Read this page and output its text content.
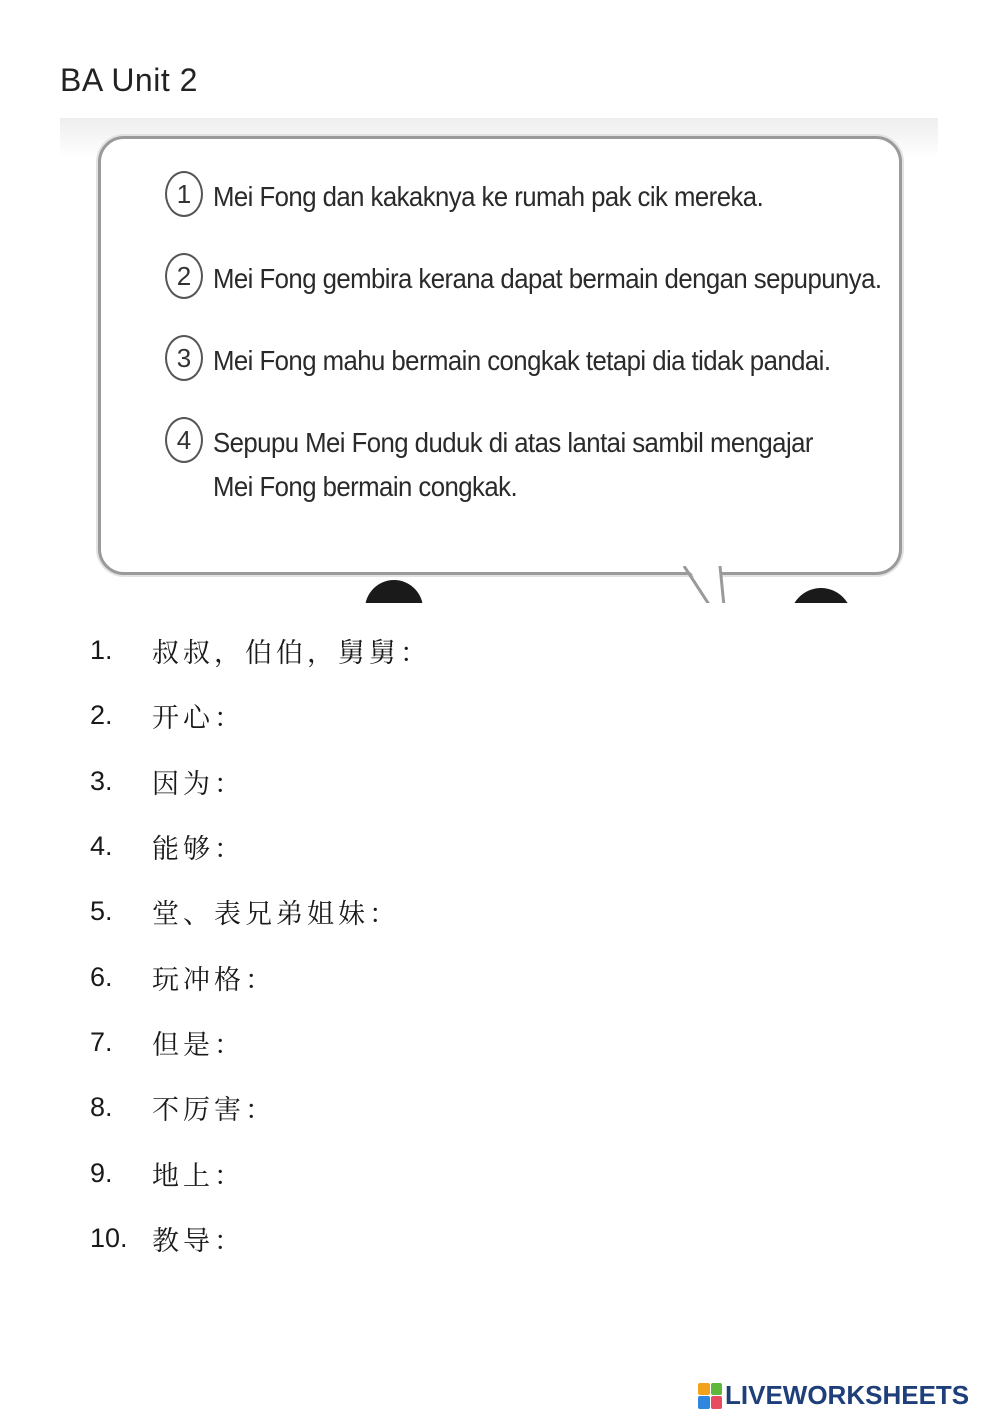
BA Unit 2
1 Mei Fong dan kakaknya ke rumah pak cik mereka.
2 Mei Fong gembira kerana dapat bermain dengan sepupunya.
3 Mei Fong mahu bermain congkak tetapi dia tidak pandai.
4 Sepupu Mei Fong duduk di atas lantai sambil mengajar
Mei Fong bermain congkak.
1.	叔叔，伯伯，舅舅：
2.	开心：
3.	因为：
4.	能够：
5.	堂、表兄弟姐妹：
6.	玩冲格：
7.	但是：
8.	不厉害：
9.	地上：
10. 教导：
LIVEWORKSHEETS
